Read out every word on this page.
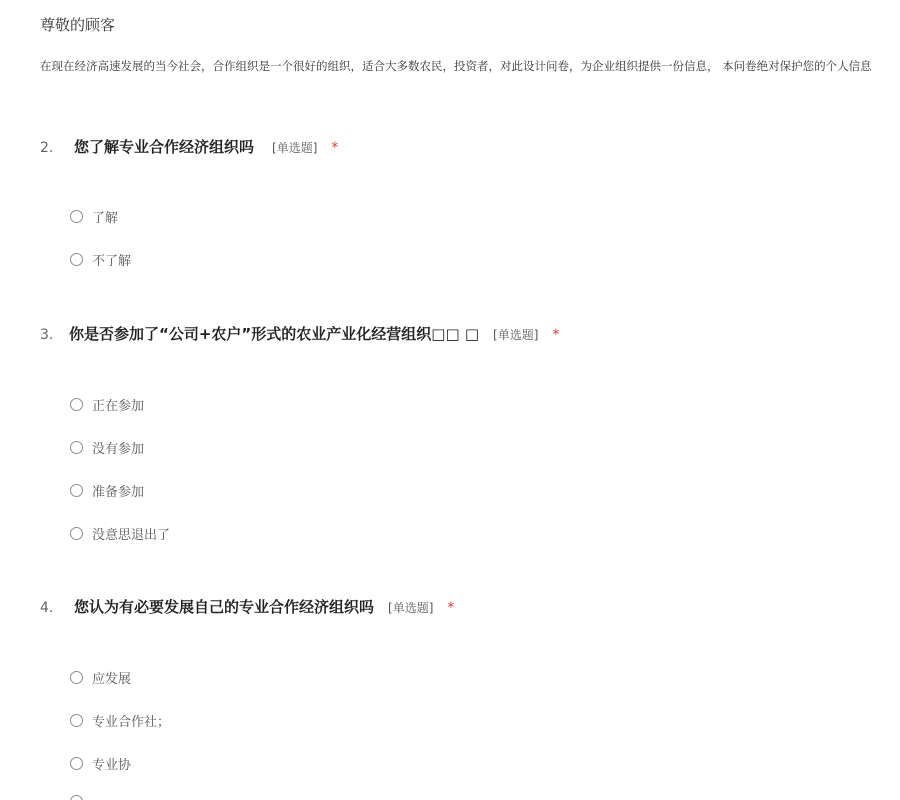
尊敬的顾客
在现在经济高速发展的当今社会，合作组织是一个很好的组织，适合大多数农民，投资者，对此设计问卷，为企业组织提供一份信息， 本问卷绝对保护您的个人信息
2.	您了解专业合作经济组织吗 [单选题] *
了解
不了解
3.	你是否参加了“公司+农户”形式的农业产业化经营组织□□ □ [单选题] *
正在参加
没有参加
准备参加
没意思退出了
4.	您认为有必要发展自己的专业合作经济组织吗 [单选题] *
应发展
专业合作社；
专业协
